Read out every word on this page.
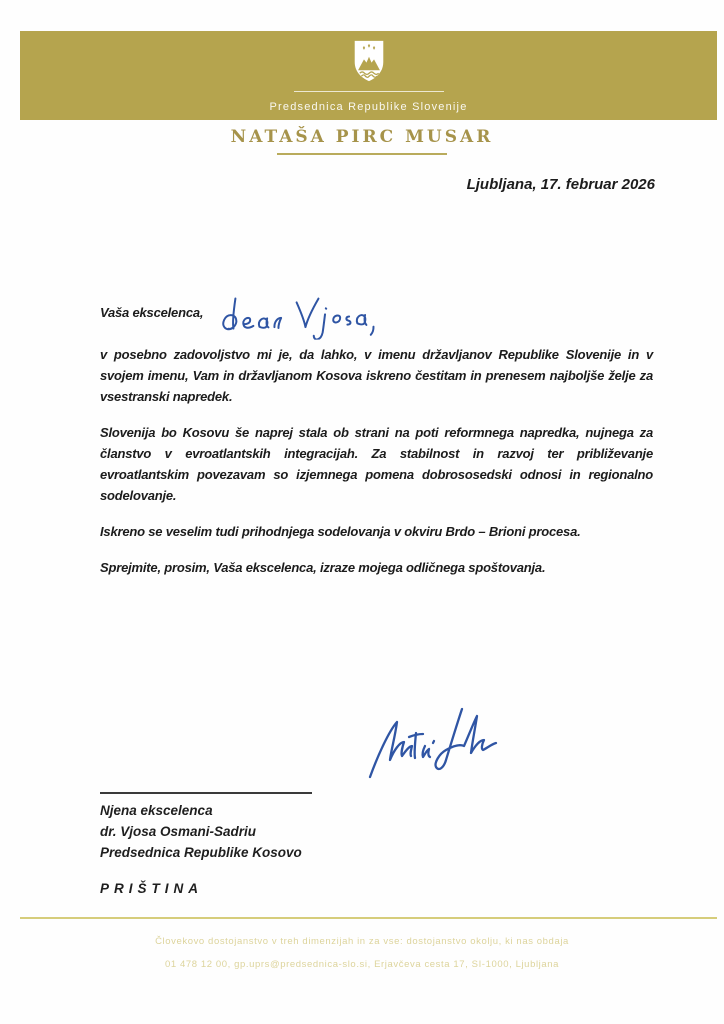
Predsednica Republike Slovenije
NATAŠA PIRC MUSAR
Ljubljana, 17. februar 2026
Vaša ekscelenca,

v posebno zadovoljstvo mi je, da lahko, v imenu državljanov Republike Slovenije in v svojem imenu, Vam in državljanom Kosova iskreno čestitam in prenesem najboljše želje za vsestranski napredek.

Slovenija bo Kosovu še naprej stala ob strani na poti reformnega napredka, nujnega za članstvo v evroatlantskih integracijah. Za stabilnost in razvoj ter približevanje evroatlantskim povezavam so izjemnega pomena dobrososedski odnosi in regionalno sodelovanje.

Iskreno se veselim tudi prihodnjega sodelovanja v okviru Brdo – Brioni procesa.

Sprejmite, prosim, Vaša ekscelenca, izraze mojega odličnega spoštovanja.

Njena ekscelenca
dr. Vjosa Osmani-Sadriu
Predsednica Republike Kosovo
PRIŠTINA
Človekovo dostojanstvo v treh dimenzijah in za vse: dostojanstvo okolju, ki nas obdaja
01 478 12 00, gp.uprs@predsednica-slo.si, Erjavčeva cesta 17, SI-1000, Ljubljana
